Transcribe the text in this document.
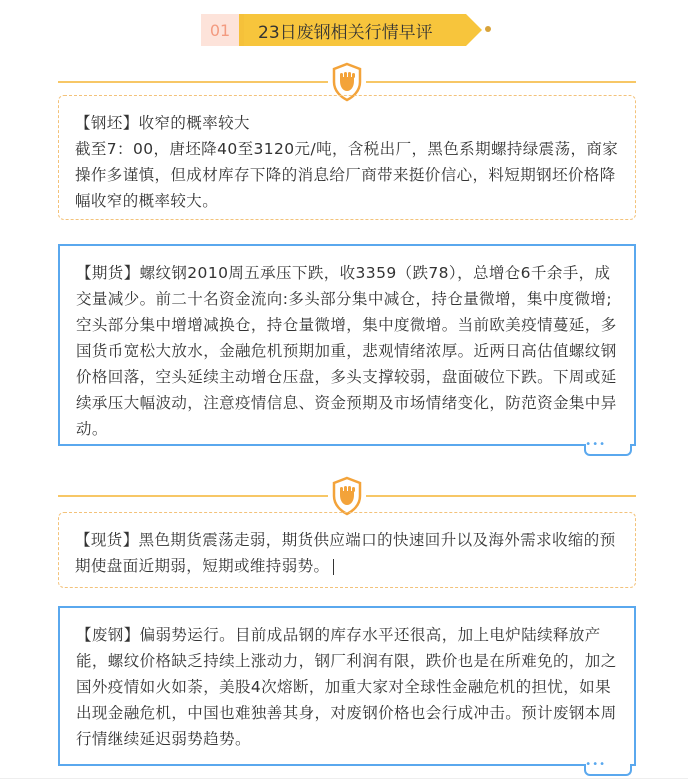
01	23日废钢相关行情早评

【钢坯】收窄的概率较大

截至7：00，唐坯降40至3120元/吨，含税出厂，黑色系期螺持绿震荡，商家操作多谨慎，但成材库存下降的消息给厂商带来挺价信心，料短期钢坯价格降幅收窄的概率较大。

【期货】螺纹钢2010周五承压下跌，收3359（跌78），总增仓6千余手，成交量减少。前二十名资金流向:多头部分集中减仓，持仓量微增，集中度微增;空头部分集中增增减换仓，持仓量微增，集中度微增。当前欧美疫情蔓延，多国货币宽松大放水，金融危机预期加重，悲观情绪浓厚。近两日高估值螺纹钢价格回落，空头延续主动增仓压盘，多头支撑较弱，盘面破位下跌。下周或延续承压大幅波动，注意疫情信息、资金预期及市场情绪变化，防范资金集中异动。

•••

【现货】黑色期货震荡走弱，期货供应端口的快速回升以及海外需求收缩的预期使盘面近期弱，短期或维持弱势。

【废钢】偏弱势运行。目前成品钢的库存水平还很高，加上电炉陆续释放产能，螺纹价格缺乏持续上涨动力，钢厂利润有限，跌价也是在所难免的，加之国外疫情如火如荼，美股4次熔断，加重大家对全球性金融危机的担忧，如果出现金融危机，中国也难独善其身，对废钢价格也会行成冲击。预计废钢本周行情继续延迟弱势趋势。

•••
